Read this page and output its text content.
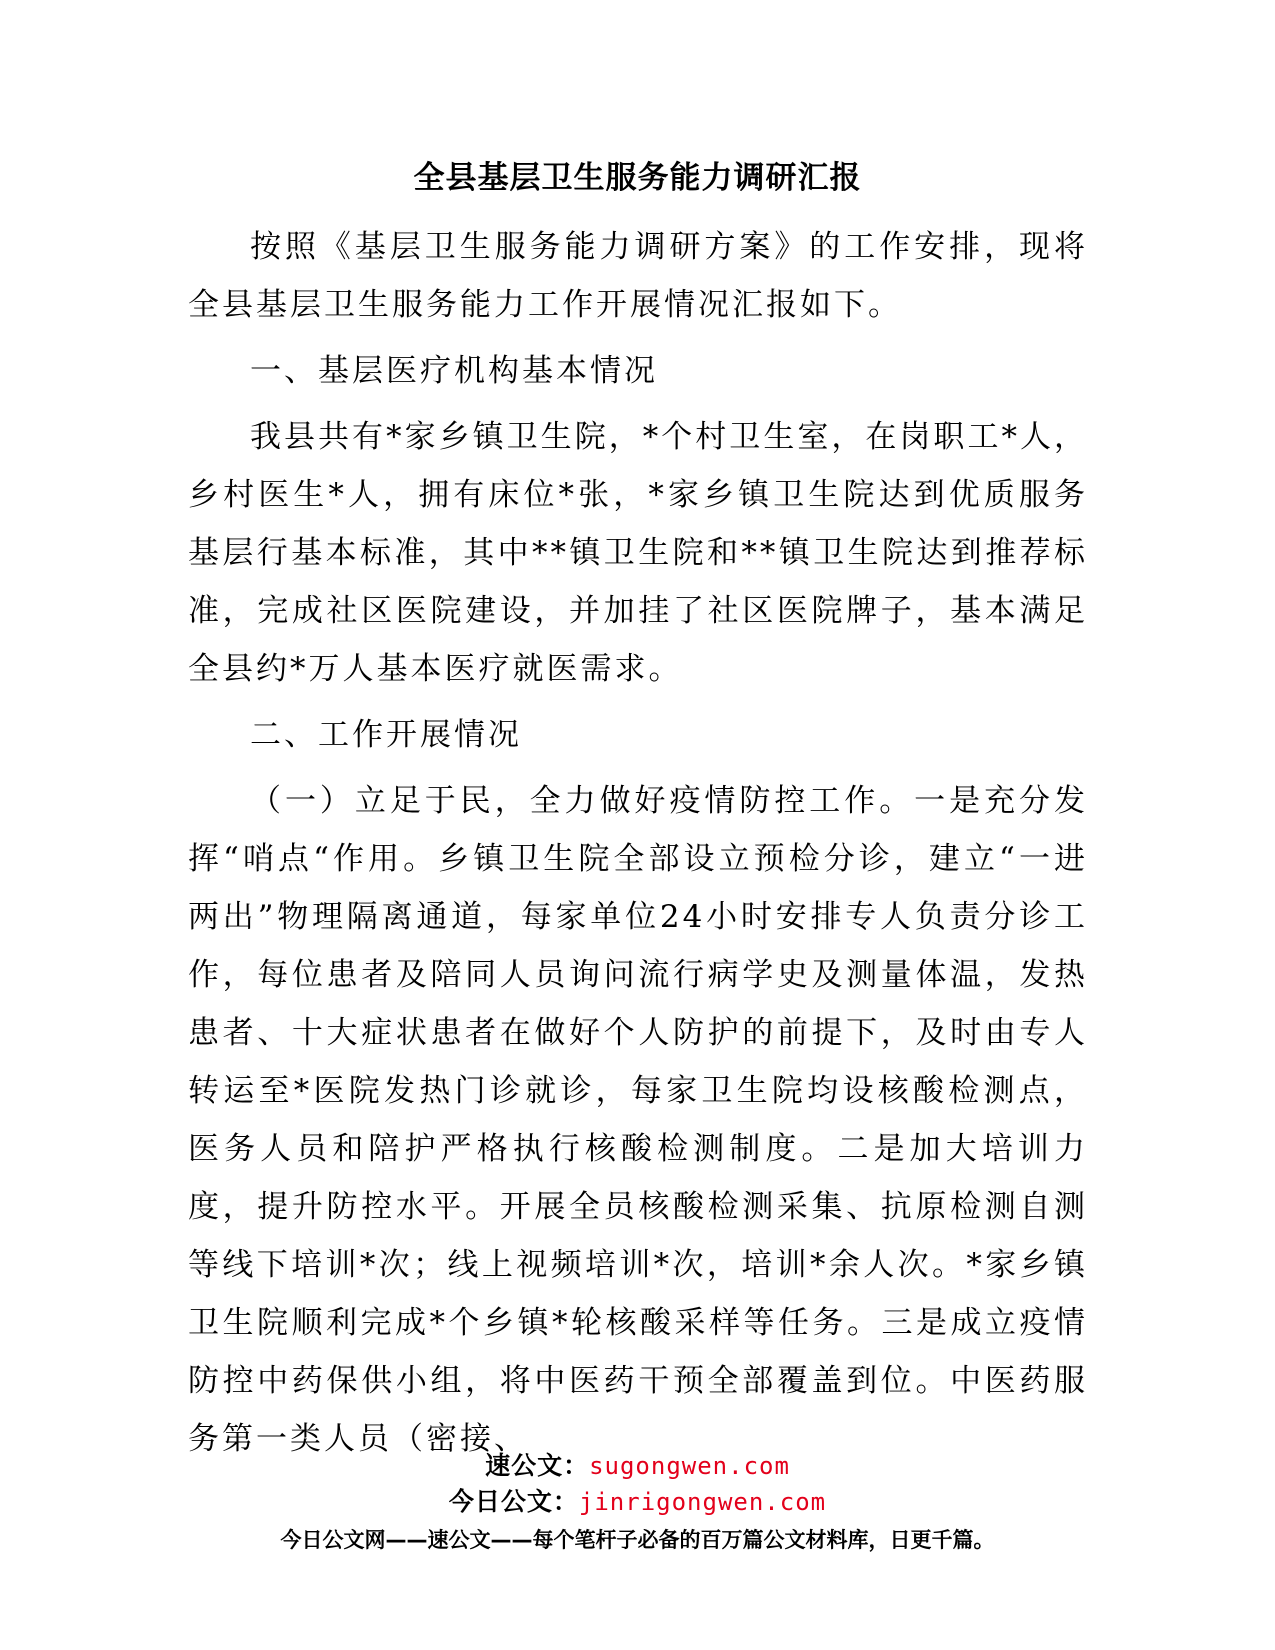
全县基层卫生服务能力调研汇报

按照《基层卫生服务能力调研方案》的工作安排，现将全县基层卫生服务能力工作开展情况汇报如下。

一、基层医疗机构基本情况

我县共有*家乡镇卫生院，*个村卫生室，在岗职工*人，乡村医生*人，拥有床位*张，*家乡镇卫生院达到优质服务基层行基本标准，其中**镇卫生院和**镇卫生院达到推荐标准，完成社区医院建设，并加挂了社区医院牌子，基本满足全县约*万人基本医疗就医需求。

二、工作开展情况

（一）立足于民，全力做好疫情防控工作。一是充分发挥“哨点“作用。乡镇卫生院全部设立预检分诊，建立“一进两出”物理隔离通道，每家单位24小时安排专人负责分诊工作，每位患者及陪同人员询问流行病学史及测量体温，发热患者、十大症状患者在做好个人防护的前提下，及时由专人转运至*医院发热门诊就诊，每家卫生院均设核酸检测点，医务人员和陪护严格执行核酸检测制度。二是加大培训力度，提升防控水平。开展全员核酸检测采集、抗原检测自测等线下培训*次；线上视频培训*次，培训*余人次。*家乡镇卫生院顺利完成*个乡镇*轮核酸采样等任务。三是成立疫情防控中药保供小组，将中医药干预全部覆盖到位。中医药服务第一类人员（密接、

速公文：sugongwen.com
今日公文：jinrigongwen.com
今日公文网——速公文——每个笔杆子必备的百万篇公文材料库，日更千篇。
